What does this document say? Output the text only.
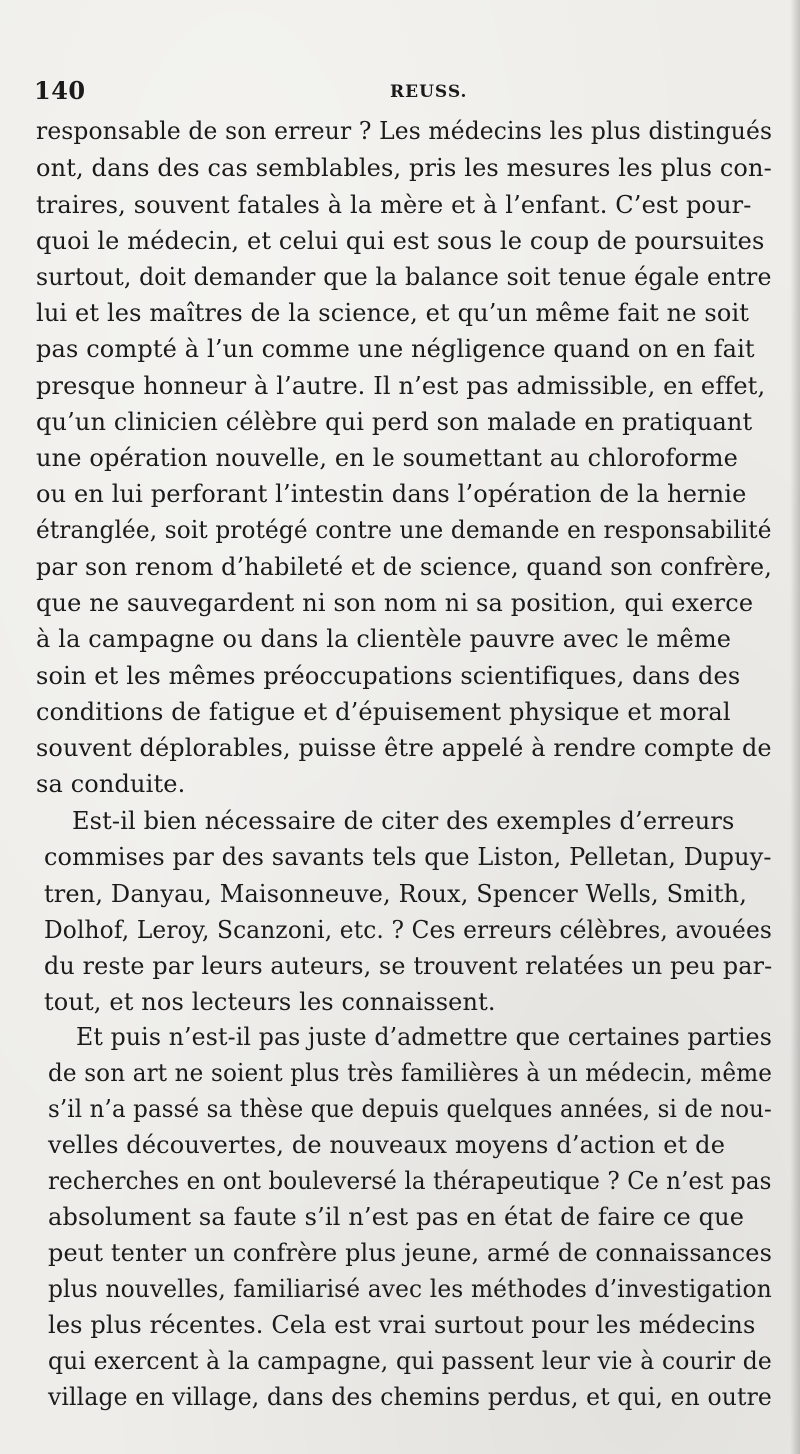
140	REUSS.
responsable de son erreur ? Les médecins les plus distingués
ont, dans des cas semblables, pris les mesures les plus con-
traires, souvent fatales à la mère et à l’enfant. C’est pour-
quoi le médecin, et celui qui est sous le coup de poursuites
surtout, doit demander que la balance soit tenue égale entre
lui et les maîtres de la science, et qu’un même fait ne soit
pas compté à l’un comme une négligence quand on en fait
presque honneur à l’autre. Il n’est pas admissible, en effet,
qu’un clinicien célèbre qui perd son malade en pratiquant
une opération nouvelle, en le soumettant au chloroforme
ou en lui perforant l’intestin dans l’opération de la hernie
étranglée, soit protégé contre une demande en responsabilité
par son renom d’habileté et de science, quand son confrère,
que ne sauvegardent ni son nom ni sa position, qui exerce
à la campagne ou dans la clientèle pauvre avec le même
soin et les mêmes préoccupations scientifiques, dans des
conditions de fatigue et d’épuisement physique et moral
souvent déplorables, puisse être appelé à rendre compte de
sa conduite.
Est-il bien nécessaire de citer des exemples d’erreurs
commises par des savants tels que Liston, Pelletan, Dupuy-
tren, Danyau, Maisonneuve, Roux, Spencer Wells, Smith,
Dolhof, Leroy, Scanzoni, etc. ? Ces erreurs célèbres, avouées
du reste par leurs auteurs, se trouvent relatées un peu par-
tout, et nos lecteurs les connaissent.
Et puis n’est-il pas juste d’admettre que certaines parties
de son art ne soient plus très familières à un médecin, même
s’il n’a passé sa thèse que depuis quelques années, si de nou-
velles découvertes, de nouveaux moyens d’action et de
recherches en ont bouleversé la thérapeutique ? Ce n’est pas
absolument sa faute s’il n’est pas en état de faire ce que
peut tenter un confrère plus jeune, armé de connaissances
plus nouvelles, familiarisé avec les méthodes d’investigation
les plus récentes. Cela est vrai surtout pour les médecins
qui exercent à la campagne, qui passent leur vie à courir de
village en village, dans des chemins perdus, et qui, en outre
